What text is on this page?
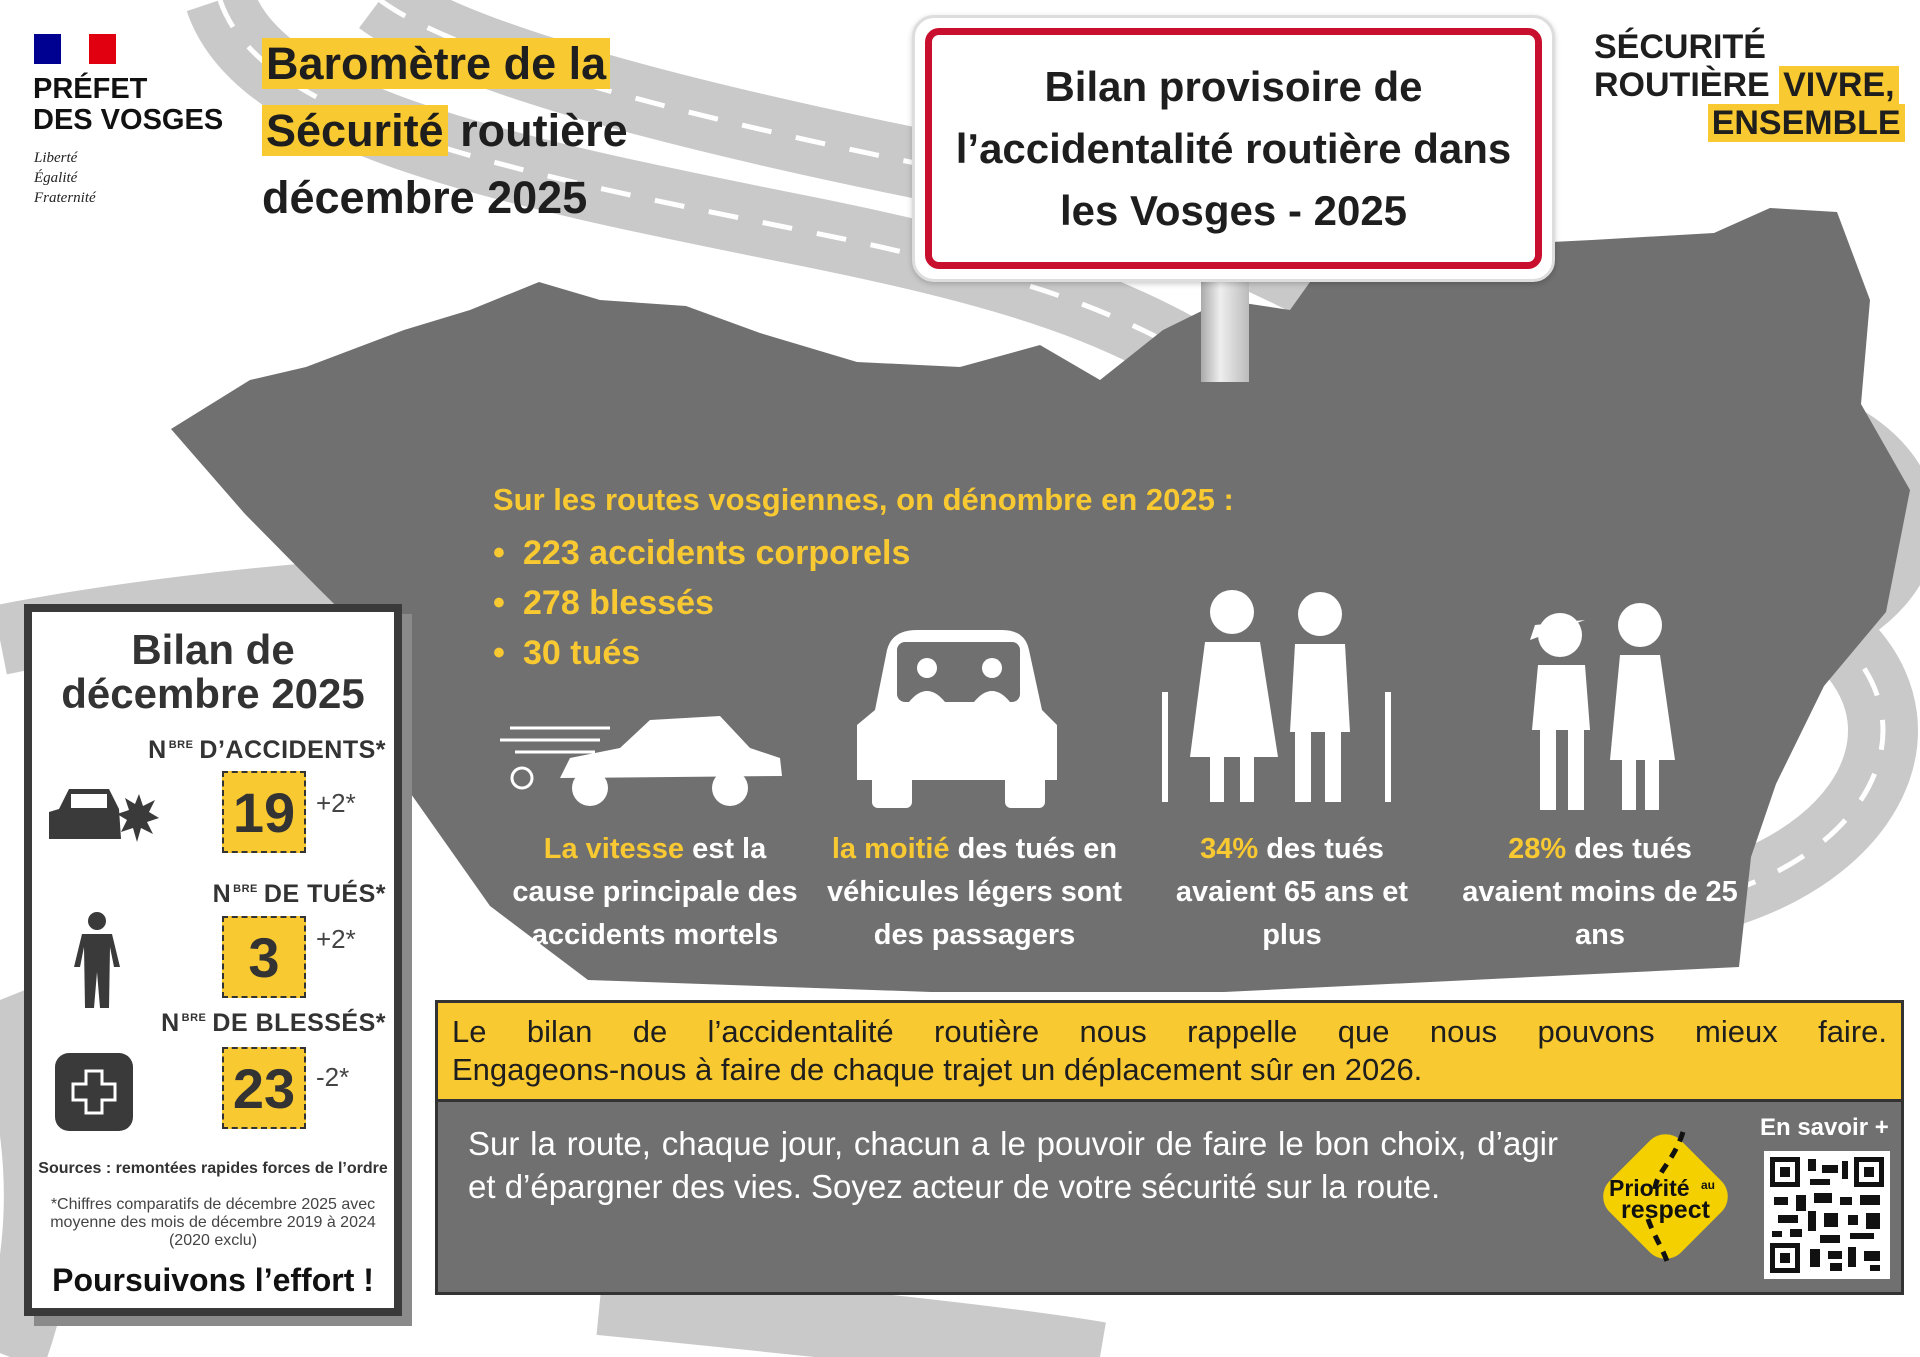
PRÉFET
DES VOSGES
Liberté
Égalité
Fraternité
Baromètre de la
Sécurité routière
décembre 2025
Bilan provisoire de l’accidentalité routière dans les Vosges - 2025
SÉCURITÉ
ROUTIÈRE VIVRE,
ENSEMBLE
Sur les routes vosgiennes, on dénombre en 2025 :
• 223 accidents corporels
• 278 blessés
• 30 tués
La vitesse est la cause principale des accidents mortels
la moitié des tués en véhicules légers sont des passagers
34% des tués avaient 65 ans et plus
28% des tués avaient moins de 25 ans
Bilan de
décembre 2025
N $^{BRE}$ D’ACCIDENTS*
19 +2*
N $^{BRE}$ DE TUÉS*
3	+2*
N $^{BRE}$ DE BLESSÉS*
23 -2*
Sources : remontées rapides forces de l’ordre
*Chiffres comparatifs de décembre 2025 avec moyenne des mois de décembre 2019 à 2024 (2020 exclu)
Poursuivons l’effort !
Le bilan de l’accidentalité routière nous rappelle que nous pouvons mieux faire.
Engageons-nous à faire de chaque trajet un déplacement sûr en 2026.
Sur la route, chaque jour, chacun a le pouvoir de faire le bon choix, d’agir et d’épargner des vies. Soyez acteur de votre sécurité sur la route.	Priorité au
respect
En savoir +
